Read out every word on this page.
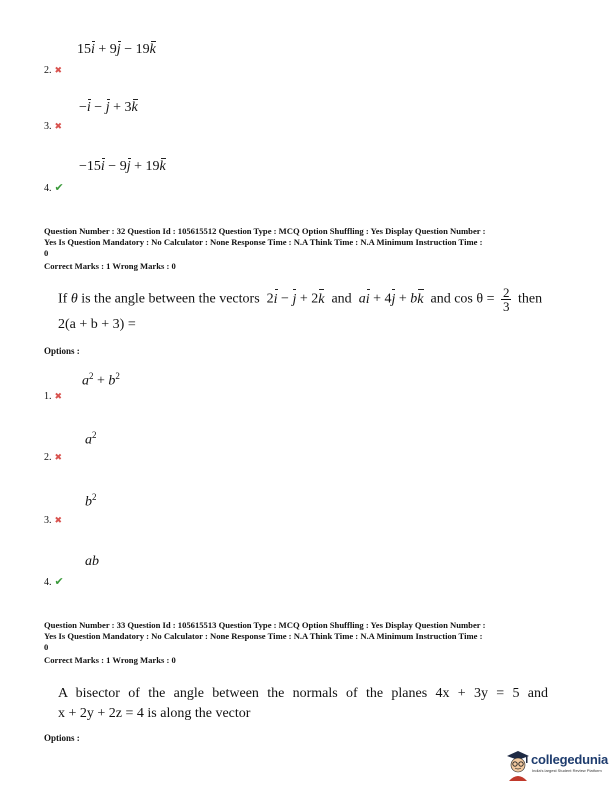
15i + 9j − 19k
2. ✖
−i − j + 3k
3. ✖
−15i − 9j + 19k
4. ✔
Question Number : 32 Question Id : 105615512 Question Type : MCQ Option Shuffling : Yes Display Question Number :
Yes Is Question Mandatory : No Calculator : None Response Time : N.A Think Time : N.A Minimum Instruction Time :
0
Correct Marks : 1 Wrong Marks : 0
If θ is the angle between the vectors  2i − j + 2k and ai + 4j + bk and $\cos \theta = \frac{2}{3}$ then
2(a + b + 3) =
Options :
$a^2 + b^2$
1. ✖
$a^2$
2. ✖
$b^2$
3. ✖
ab
4. ✔
Question Number : 33 Question Id : 105615513 Question Type : MCQ Option Shuffling : Yes Display Question Number :
Yes Is Question Mandatory : No Calculator : None Response Time : N.A Think Time : N.A Minimum Instruction Time :
0
Correct Marks : 1 Wrong Marks : 0
A bisector of the angle between the normals of the planes 4x + 3y = 5 and
x + 2y + 2z = 4 is along the vector
Options :
collegedunia
India's largest Student Review Platform
